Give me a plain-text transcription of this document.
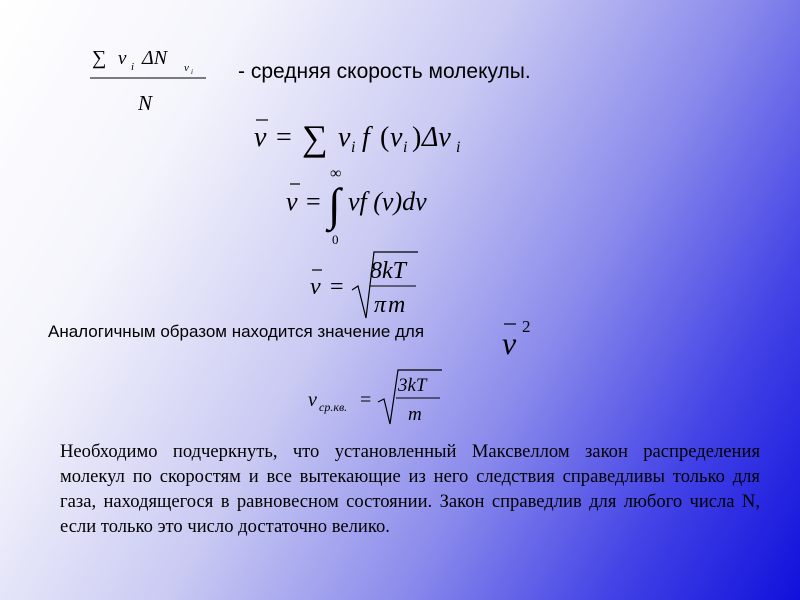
∑ v i ΔN v i
N
- средняя скорость молекулы.
v = ∑ v i f ( v i ) Δv i
∞
v = ∫
0
vf (v)dv
v =
8kT
π m
Аналогичным образом находится значение для v 2
v ср.кв. =
3kT
m
Необходимо подчеркнуть, что установленный Максвеллом закон распределения молекул по скоростям и все вытекающие из него следствия справедливы только для газа, находящегося в равновесном состоянии. Закон справедлив для любого числа N, если только это число достаточно велико.
